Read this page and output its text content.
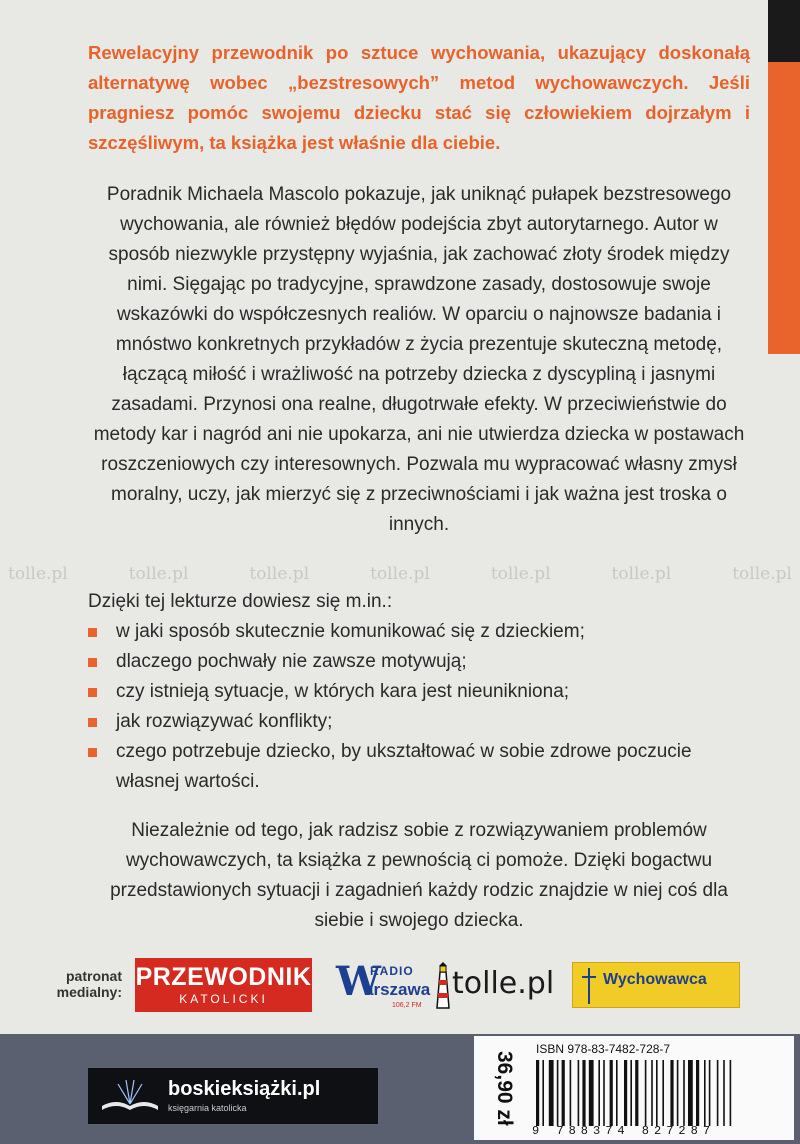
Rewelacyjny przewodnik po sztuce wychowania, ukazujący doskonałą alternatywę wobec „bezstresowych” metod wychowawczych. Jeśli pragniesz pomóc swojemu dziecku stać się człowiekiem dojrzałym i szczęśliwym, ta książka jest właśnie dla ciebie.
Poradnik Michaela Mascolo pokazuje, jak uniknąć pułapek bezstresowego wychowania, ale również błędów podejścia zbyt autorytarnego. Autor w sposób niezwykle przystępny wyjaśnia, jak zachować złoty środek między nimi. Sięgając po tradycyjne, sprawdzone zasady, dostosowuje swoje wskazówki do współczesnych realiów. W oparciu o najnowsze badania i mnóstwo konkretnych przykładów z życia prezentuje skuteczną metodę, łączącą miłość i wrażliwość na potrzeby dziecka z dyscypliną i jasnymi zasadami. Przynosi ona realne, długotrwałe efekty. W przeciwieństwie do metody kar i nagród ani nie upokarza, ani nie utwierdza dziecka w postawach roszczeniowych czy interesownych. Pozwala mu wypracować własny zmysł moralny, uczy, jak mierzyć się z przeciwnościami i jak ważna jest troska o innych.
tolle.pl	tolle.pl	tolle.pl	tolle.pl	tolle.pl	tolle.pl	tolle.pl
Dzięki tej lekturze dowiesz się m.in.:
w jaki sposób skutecznie komunikować się z dzieckiem;
dlaczego pochwały nie zawsze motywują;
czy istnieją sytuacje, w których kara jest nieunikniona;
jak rozwiązywać konflikty;
czego potrzebuje dziecko, by ukształtować w sobie zdrowe poczucie własnej wartości.
Niezależnie od tego, jak radzisz sobie z rozwiązywaniem problemów wychowawczych, ta książka z pewnością ci pomoże. Dzięki bogactwu przedstawionych sytuacji i zagadnień każdy rodzic znajdzie w niej coś dla siebie i swojego dziecka.
patronat medialny:
PRZEWODNIK
KATOLICKI	W
RADIO
arszawa
106,2 FM
tolle.pl	Wychowawca
boskieksiążki.pl
księgarnia katolicka	36,90 zł
ISBN 978-83-7482-728-7
9 788374 827287
